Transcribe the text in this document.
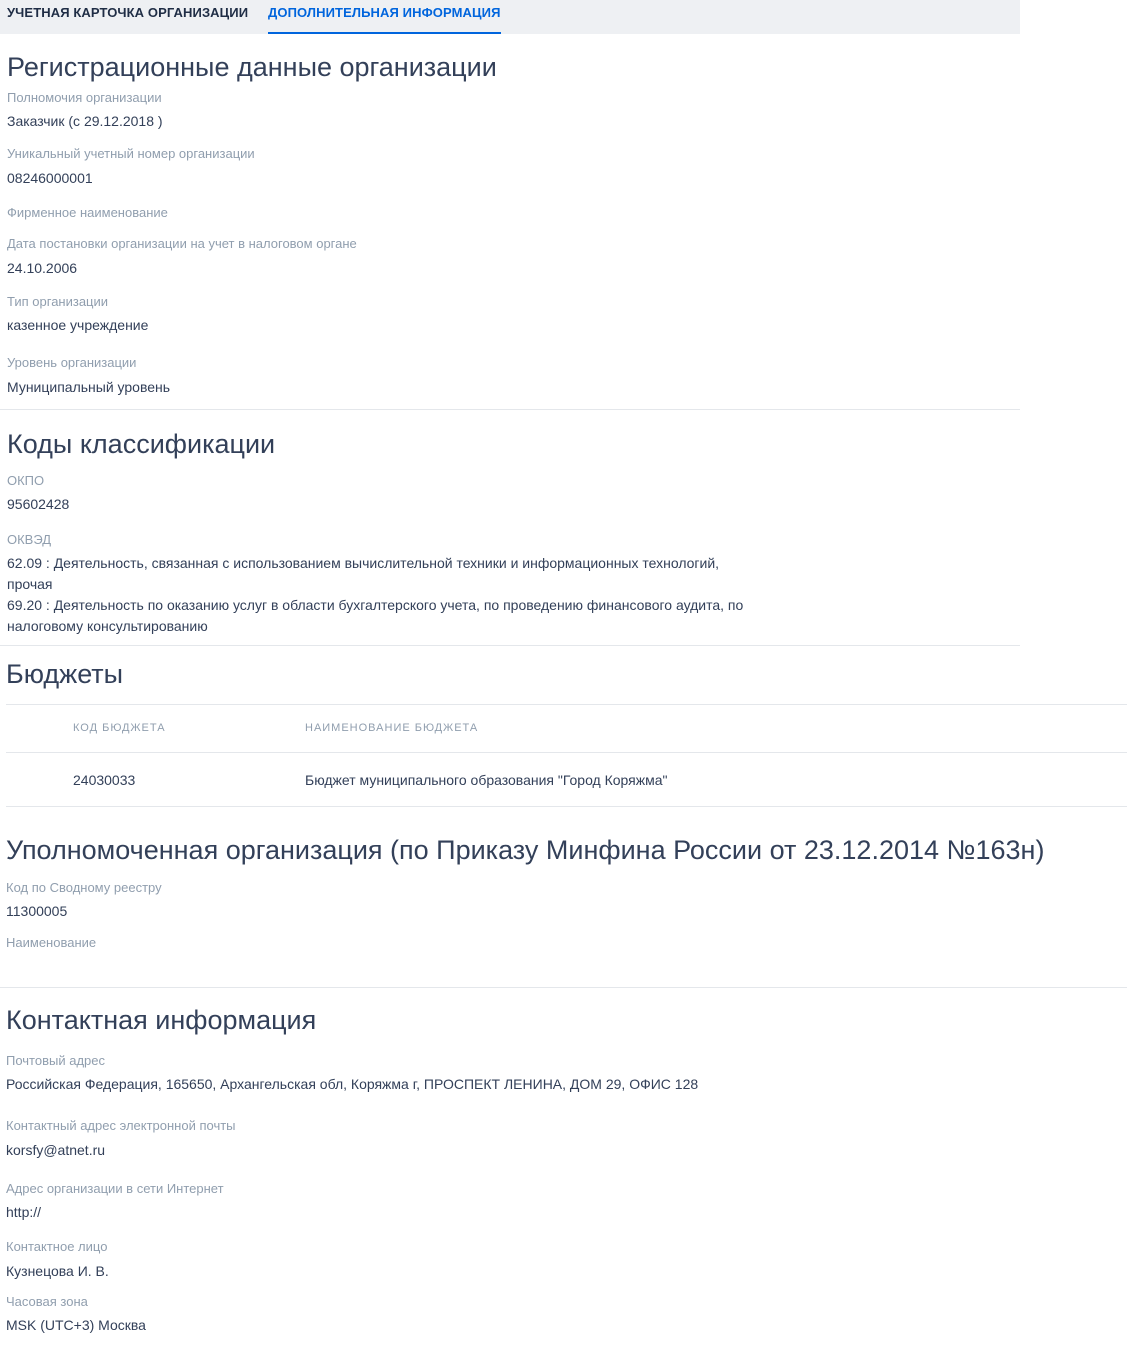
УЧЕТНАЯ КАРТОЧКА ОРГАНИЗАЦИИ ДОПОЛНИТЕЛЬНАЯ ИНФОРМАЦИЯ
Регистрационные данные организации
Полномочия организации
Заказчик (с 29.12.2018 )
Уникальный учетный номер организации
08246000001
Фирменное наименование
Дата постановки организации на учет в налоговом органе
24.10.2006
Тип организации
казенное учреждение
Уровень организации
Муниципальный уровень
Коды классификации
ОКПО
95602428
ОКВЭД
62.09 : Деятельность, связанная с использованием вычислительной техники и информационных технологий, прочая
69.20 : Деятельность по оказанию услуг в области бухгалтерского учета, по проведению финансового аудита, по налоговому консультированию
Бюджеты
КОД БЮДЖЕТА	НАИМЕНОВАНИЕ БЮДЖЕТА
24030033	Бюджет муниципального образования "Город Коряжма"
Уполномоченная организация (по Приказу Минфина России от 23.12.2014 №163н)
Код по Сводному реестру
11300005
Наименование
Контактная информация
Почтовый адрес
Российская Федерация, 165650, Архангельская обл, Коряжма г, ПРОСПЕКТ ЛЕНИНА, ДОМ 29, ОФИС 128
Контактный адрес электронной почты
korsfy@atnet.ru
Адрес организации в сети Интернет
http://
Контактное лицо
Кузнецова И. В.
Часовая зона
MSK (UTC+3) Москва
